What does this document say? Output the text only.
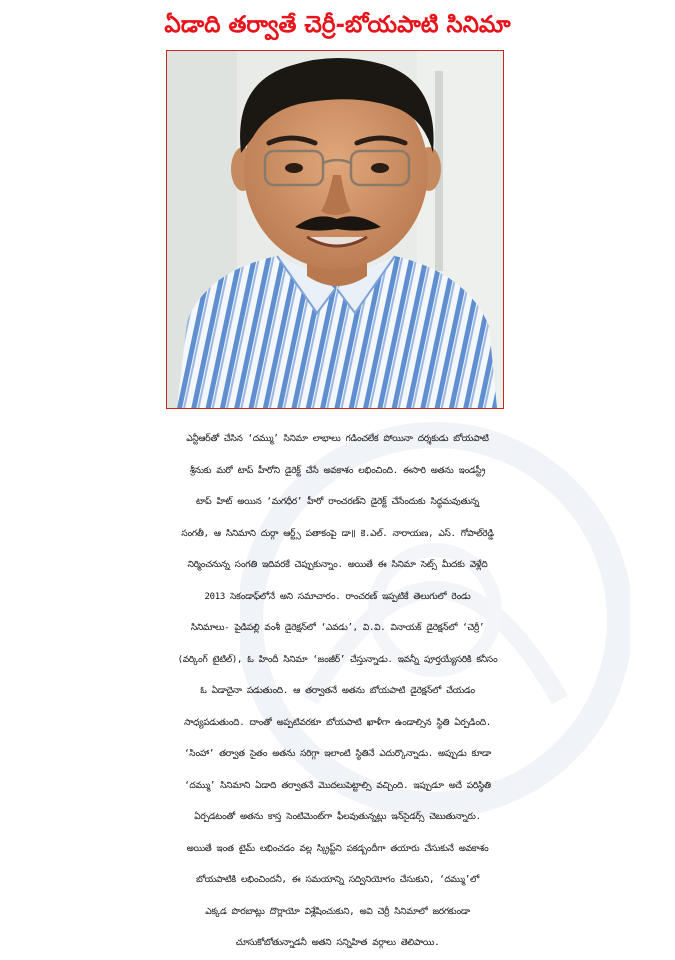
ఏడాది తర్వాతే చెర్రీ-బోయపాటి సినిమా
ఎన్టీఆర్‌తో చేసిన ‘దమ్ము’ సినిమా లాభాలు గడించలేక పోయినా దర్శకుడు బోయపాటి
శ్రీనుకు మరో టాప్ హీరోని డైరెక్ట్ చేసే అవకాశం లభించింది. ఈసారి అతను ఇండస్ట్రీ
టాప్ హిట్ అయిన ‘మగధీర’ హీరో రాంచరణ్‌ని డైరెక్ట్ చేసేందుకు సిద్ధమవుతున్న
సంగతీ, ఆ సినిమాని దుర్గా ఆర్ట్స్ పతాకంపై డా॥ కె.ఎల్. నారాయణ, ఎస్. గోపాల్‌రెడ్డి
నిర్మించనున్న సంగతి ఇదివరకే చెప్పుకున్నాం. అయితే ఈ సినిమా సెట్స్ మీదకు వెళ్లేది
2013 సెకండాఫ్‌లోనే అని సమాచారం. రాంచరణ్ ఇప్పటికే తెలుగులో రెండు
సినిమాలు- పైడిపల్లి వంశీ డైరెక్షన్‌లో ‘ఎవడు’, వి.వి. వినాయక్ డైరెక్షన్‌లో ‘చెర్రీ’
(వర్కింగ్ టైటిల్), ఓ హిందీ సినిమా ‘జంజీర్’ చేస్తున్నాడు. ఇవన్నీ పూర్తయ్యేసరికి కనీసం
ఓ ఏడాదైనా పడుతుంది. ఆ తర్వాతనే అతను బోయపాటి డైరెక్షన్‌లో చేయడం
సాధ్యపడుతుంది. దాంతో అప్పటివరకూ బోయపాటి ఖాళీగా ఉండాల్సిన స్థితి ఏర్పడింది.
‘సింహా’ తర్వాత సైతం అతను సరిగ్గా ఇలాంటి స్థితినే ఎదుర్కొన్నాడు. అప్పుడు కూడా
‘దమ్ము’ సినిమాని ఏడాది తర్వాతనే మొదలుపెట్టాల్సి వచ్చింది. ఇప్పుడూ అదే పరిస్థితి
ఏర్పడటంతో అతను కాస్త సెంటిమెంట్‌గా ఫీలవుతున్నట్లు ఇన్‌సైడర్స్ చెబుతున్నారు.
అయితే ఇంత టైమ్ లభించడం వల్ల స్క్రిప్ట్‌ని పకడ్బందీగా తయారు చేసుకునే అవకాశం
బోయపాటికి లభించిందనీ, ఈ సమయాన్ని సద్వినియోగం చేసుకుని, ‘దమ్ము’లో
ఎక్కడ పొరబాట్లు దొర్లాయో విశ్లేషించుకుని, అవి చెర్రీ సినిమాలో జరగకుండా
చూసుకోబోతున్నాడనీ అతని సన్నిహిత వర్గాలు తెలిపాయి.
